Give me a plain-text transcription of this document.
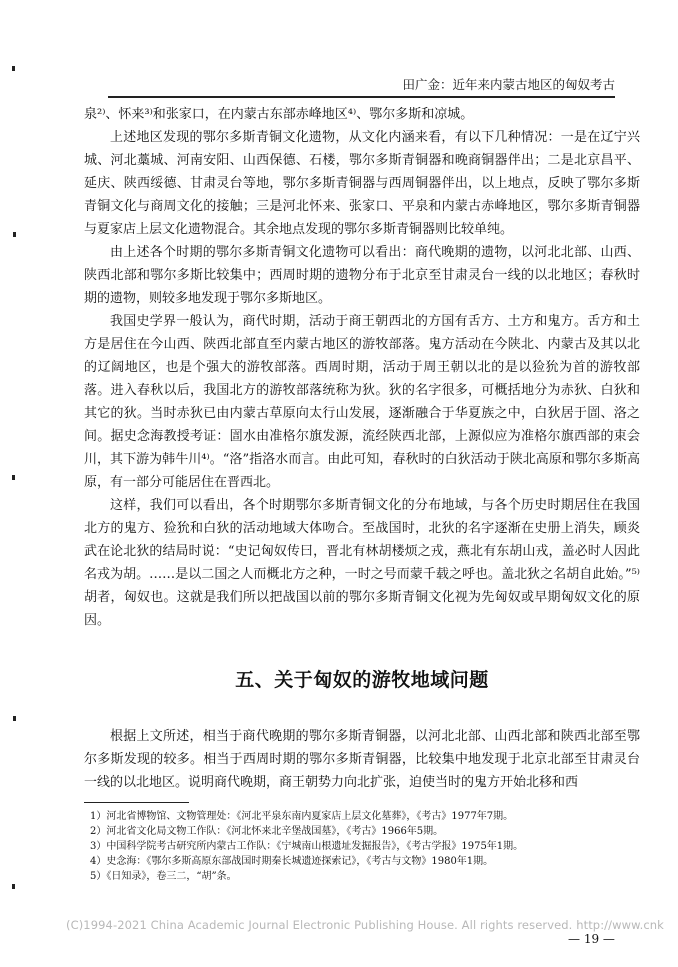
田广金：近年来内蒙古地区的匈奴考古

泉²⁾、怀来³⁾和张家口，在内蒙古东部赤峰地区⁴⁾、鄂尔多斯和凉城。

上述地区发现的鄂尔多斯青铜文化遗物，从文化内涵来看，有以下几种情况：一是在辽宁兴城、河北藁城、河南安阳、山西保德、石楼，鄂尔多斯青铜器和晚商铜器伴出；二是北京昌平、延庆、陕西绥德、甘肃灵台等地，鄂尔多斯青铜器与西周铜器伴出，以上地点，反映了鄂尔多斯青铜文化与商周文化的接触；三是河北怀来、张家口、平泉和内蒙古赤峰地区，鄂尔多斯青铜器与夏家店上层文化遗物混合。其余地点发现的鄂尔多斯青铜器则比较单纯。

由上述各个时期的鄂尔多斯青铜文化遗物可以看出：商代晚期的遗物，以河北北部、山西、陕西北部和鄂尔多斯比较集中；西周时期的遗物分布于北京至甘肃灵台一线的以北地区；春秋时期的遗物，则较多地发现于鄂尔多斯地区。

我国史学界一般认为，商代时期，活动于商王朝西北的方国有舌方、土方和鬼方。舌方和土方是居住在今山西、陕西北部直至内蒙古地区的游牧部落。鬼方活动在今陕北、内蒙古及其以北的辽阔地区，也是个强大的游牧部落。西周时期，活动于周王朝以北的是以猃狁为首的游牧部落。进入春秋以后，我国北方的游牧部落统称为狄。狄的名字很多，可概括地分为赤狄、白狄和其它的狄。当时赤狄已由内蒙古草原向太行山发展，逐渐融合于华夏族之中，白狄居于圁、洛之间。据史念海教授考证：圁水由准格尔旗发源，流经陕西北部，上源似应为准格尔旗西部的束会川，其下游为韩牛川⁴⁾。“洛”指洛水而言。由此可知，春秋时的白狄活动于陕北高原和鄂尔多斯高原，有一部分可能居住在晋西北。

这样，我们可以看出，各个时期鄂尔多斯青铜文化的分布地域，与各个历史时期居住在我国北方的鬼方、猃狁和白狄的活动地域大体吻合。至战国时，北狄的名字逐渐在史册上消失，顾炎武在论北狄的结局时说：“史记匈奴传曰，晋北有林胡楼烦之戎，燕北有东胡山戎，盖必时人因此名戎为胡。……是以二国之人而概北方之种，一时之号而蒙千载之呼也。盖北狄之名胡自此始。”⁵⁾胡者，匈奴也。这就是我们所以把战国以前的鄂尔多斯青铜文化视为先匈奴或早期匈奴文化的原因。

五、关于匈奴的游牧地域问题

根据上文所述，相当于商代晚期的鄂尔多斯青铜器，以河北北部、山西北部和陕西北部至鄂尔多斯发现的较多。相当于西周时期的鄂尔多斯青铜器，比较集中地发现于北京北部至甘肃灵台一线的以北地区。说明商代晚期，商王朝势力向北扩张，迫使当时的鬼方开始北移和西

1）河北省博物馆、文物管理处：《河北平泉东南内夏家店上层文化墓葬》，《考古》1977年7期。
2）河北省文化局文物工作队：《河北怀来北辛堡战国墓》，《考古》1966年5期。
3）中国科学院考古研究所内蒙古工作队：《宁城南山根遗址发掘报告》，《考古学报》1975年1期。
4）史念海：《鄂尔多斯高原东部战国时期秦长城遗迹探索记》，《考古与文物》1980年1期。
5）《日知录》，卷三二，“胡”条。
(C)1994-2021 China Academic Journal Electronic Publishing House. All rights reserved. http://www.cnk
— 19 —
